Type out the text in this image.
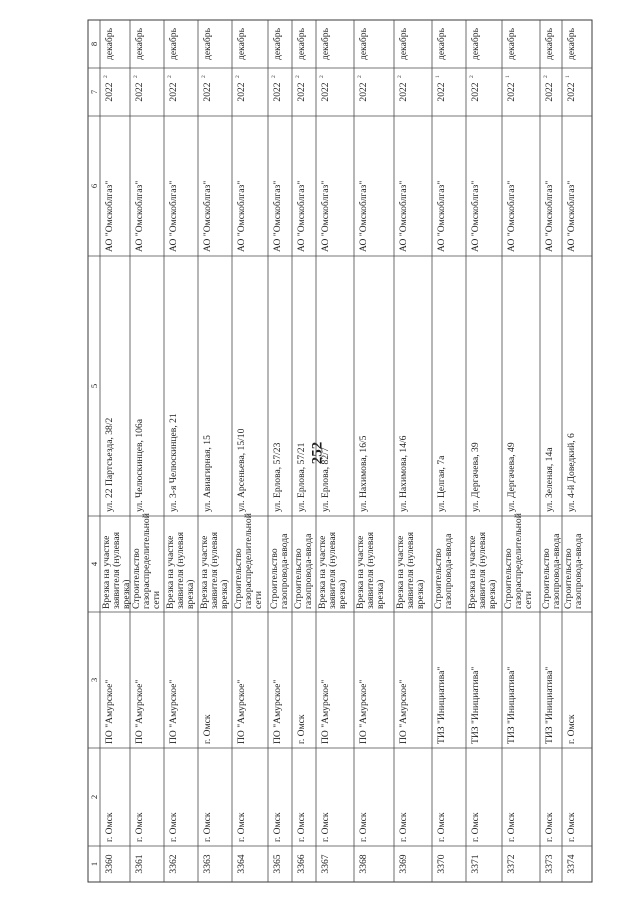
252
8
7
6
5
4
3
2
1
декабрь
2022
2
АО "Омскоблгаз"
ул. 22 Партсъезда, 38/2
Врезка на участке заявителя (нулевая врезка)
ПО "Амурское"
г. Омск
3360
декабрь
2022
2
АО "Омскоблгаз"
ул. Челюскинцев, 106а
Строительство газораспределительной сети
ПО "Амурское"
г. Омск
3361
декабрь
2022
2
АО "Омскоблгаз"
ул. 3-я Челюскинцев, 21
Врезка на участке заявителя (нулевая врезка)
ПО "Амурское"
г. Омск
3362
декабрь
2022
2
АО "Омскоблгаз"
ул. Авиагирная, 15
Врезка на участке заявителя (нулевая врезка)
г. Омск
г. Омск
3363
декабрь
2022
2
АО "Омскоблгаз"
ул. Арсеньева, 15/10
Строительство газораспределительной сети
ПО "Амурское"
г. Омск
3364
декабрь
2022
2
АО "Омскоблгаз"
ул. Ерлова, 57/23
Строительство газопровода-ввода
ПО "Амурское"
г. Омск
3365
декабрь
2022
2
АО "Омскоблгаз"
ул. Ерлова, 57/21
Строительство газопровода-ввода
г. Омск
г. Омск
3366
декабрь
2022
2
АО "Омскоблгаз"
ул. Ерлова, 82/7
Врезка на участке заявителя (нулевая врезка)
ПО "Амурское"
г. Омск
3367
декабрь
2022
2
АО "Омскоблгаз"
ул. Нахимова, 16/5
Врезка на участке заявителя (нулевая врезка)
ПО "Амурское"
г. Омск
3368
декабрь
2022
2
АО "Омскоблгаз"
ул. Нахимова, 14/6
Врезка на участке заявителя (нулевая врезка)
ПО "Амурское"
г. Омск
3369
декабрь
2022
1
АО "Омскоблгаз"
ул. Целгая, 7а
Строительство газопровода-ввода
ТИЗ "Инициатива"
г. Омск
3370
декабрь
2022
2
АО "Омскоблгаз"
ул. Дергачева, 39
Врезка на участке заявителя (нулевая врезка)
ТИЗ "Инициатива"
г. Омск
3371
декабрь
2022
1
АО "Омскоблгаз"
ул. Дергачева, 49
Строительство газораспределительной сети
ТИЗ "Инициатива"
г. Омск
3372
декабрь
2022
2
АО "Омскоблгаз"
ул. Зеленая, 14а
Строительство газопровода-ввода
ТИЗ "Инициатива"
г. Омск
3373
декабрь
2022
1
АО "Омскоблгаз"
ул. 4-й Доведкий, 6
Строительство газопровода-ввода
г. Омск
г. Омск
3374
